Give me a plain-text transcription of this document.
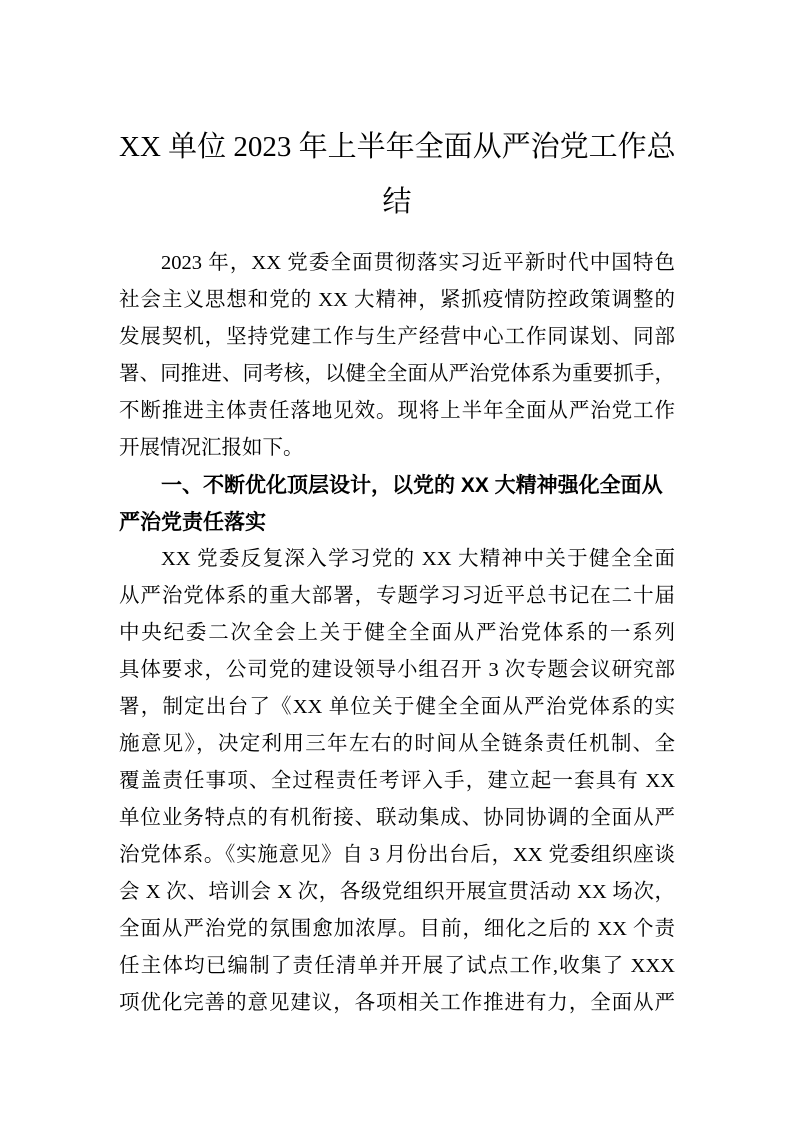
XX 单位 2023 年上半年全面从严治党工作总
结
2023 年，XX 党委全面贯彻落实习近平新时代中国特色
社会主义思想和党的 XX 大精神，紧抓疫情防控政策调整的
发展契机，坚持党建工作与生产经营中心工作同谋划、同部
署、同推进、同考核，以健全全面从严治党体系为重要抓手，
不断推进主体责任落地见效。现将上半年全面从严治党工作
开展情况汇报如下。
一、不断优化顶层设计，以党的 XX 大精神强化全面从
严治党责任落实
XX 党委反复深入学习党的 XX 大精神中关于健全全面
从严治党体系的重大部署，专题学习习近平总书记在二十届
中央纪委二次全会上关于健全全面从严治党体系的一系列
具体要求，公司党的建设领导小组召开 3 次专题会议研究部
署，制定出台了《XX 单位关于健全全面从严治党体系的实
施意见》，决定利用三年左右的时间从全链条责任机制、全
覆盖责任事项、全过程责任考评入手，建立起一套具有 XX
单位业务特点的有机衔接、联动集成、协同协调的全面从严
治党体系。《实施意见》自 3 月份出台后，XX 党委组织座谈
会 X 次、培训会 X 次，各级党组织开展宣贯活动 XX 场次，
全面从严治党的氛围愈加浓厚。目前，细化之后的 XX 个责
任主体均已编制了责任清单并开展了试点工作,收集了 XXX
项优化完善的意见建议，各项相关工作推进有力，全面从严
